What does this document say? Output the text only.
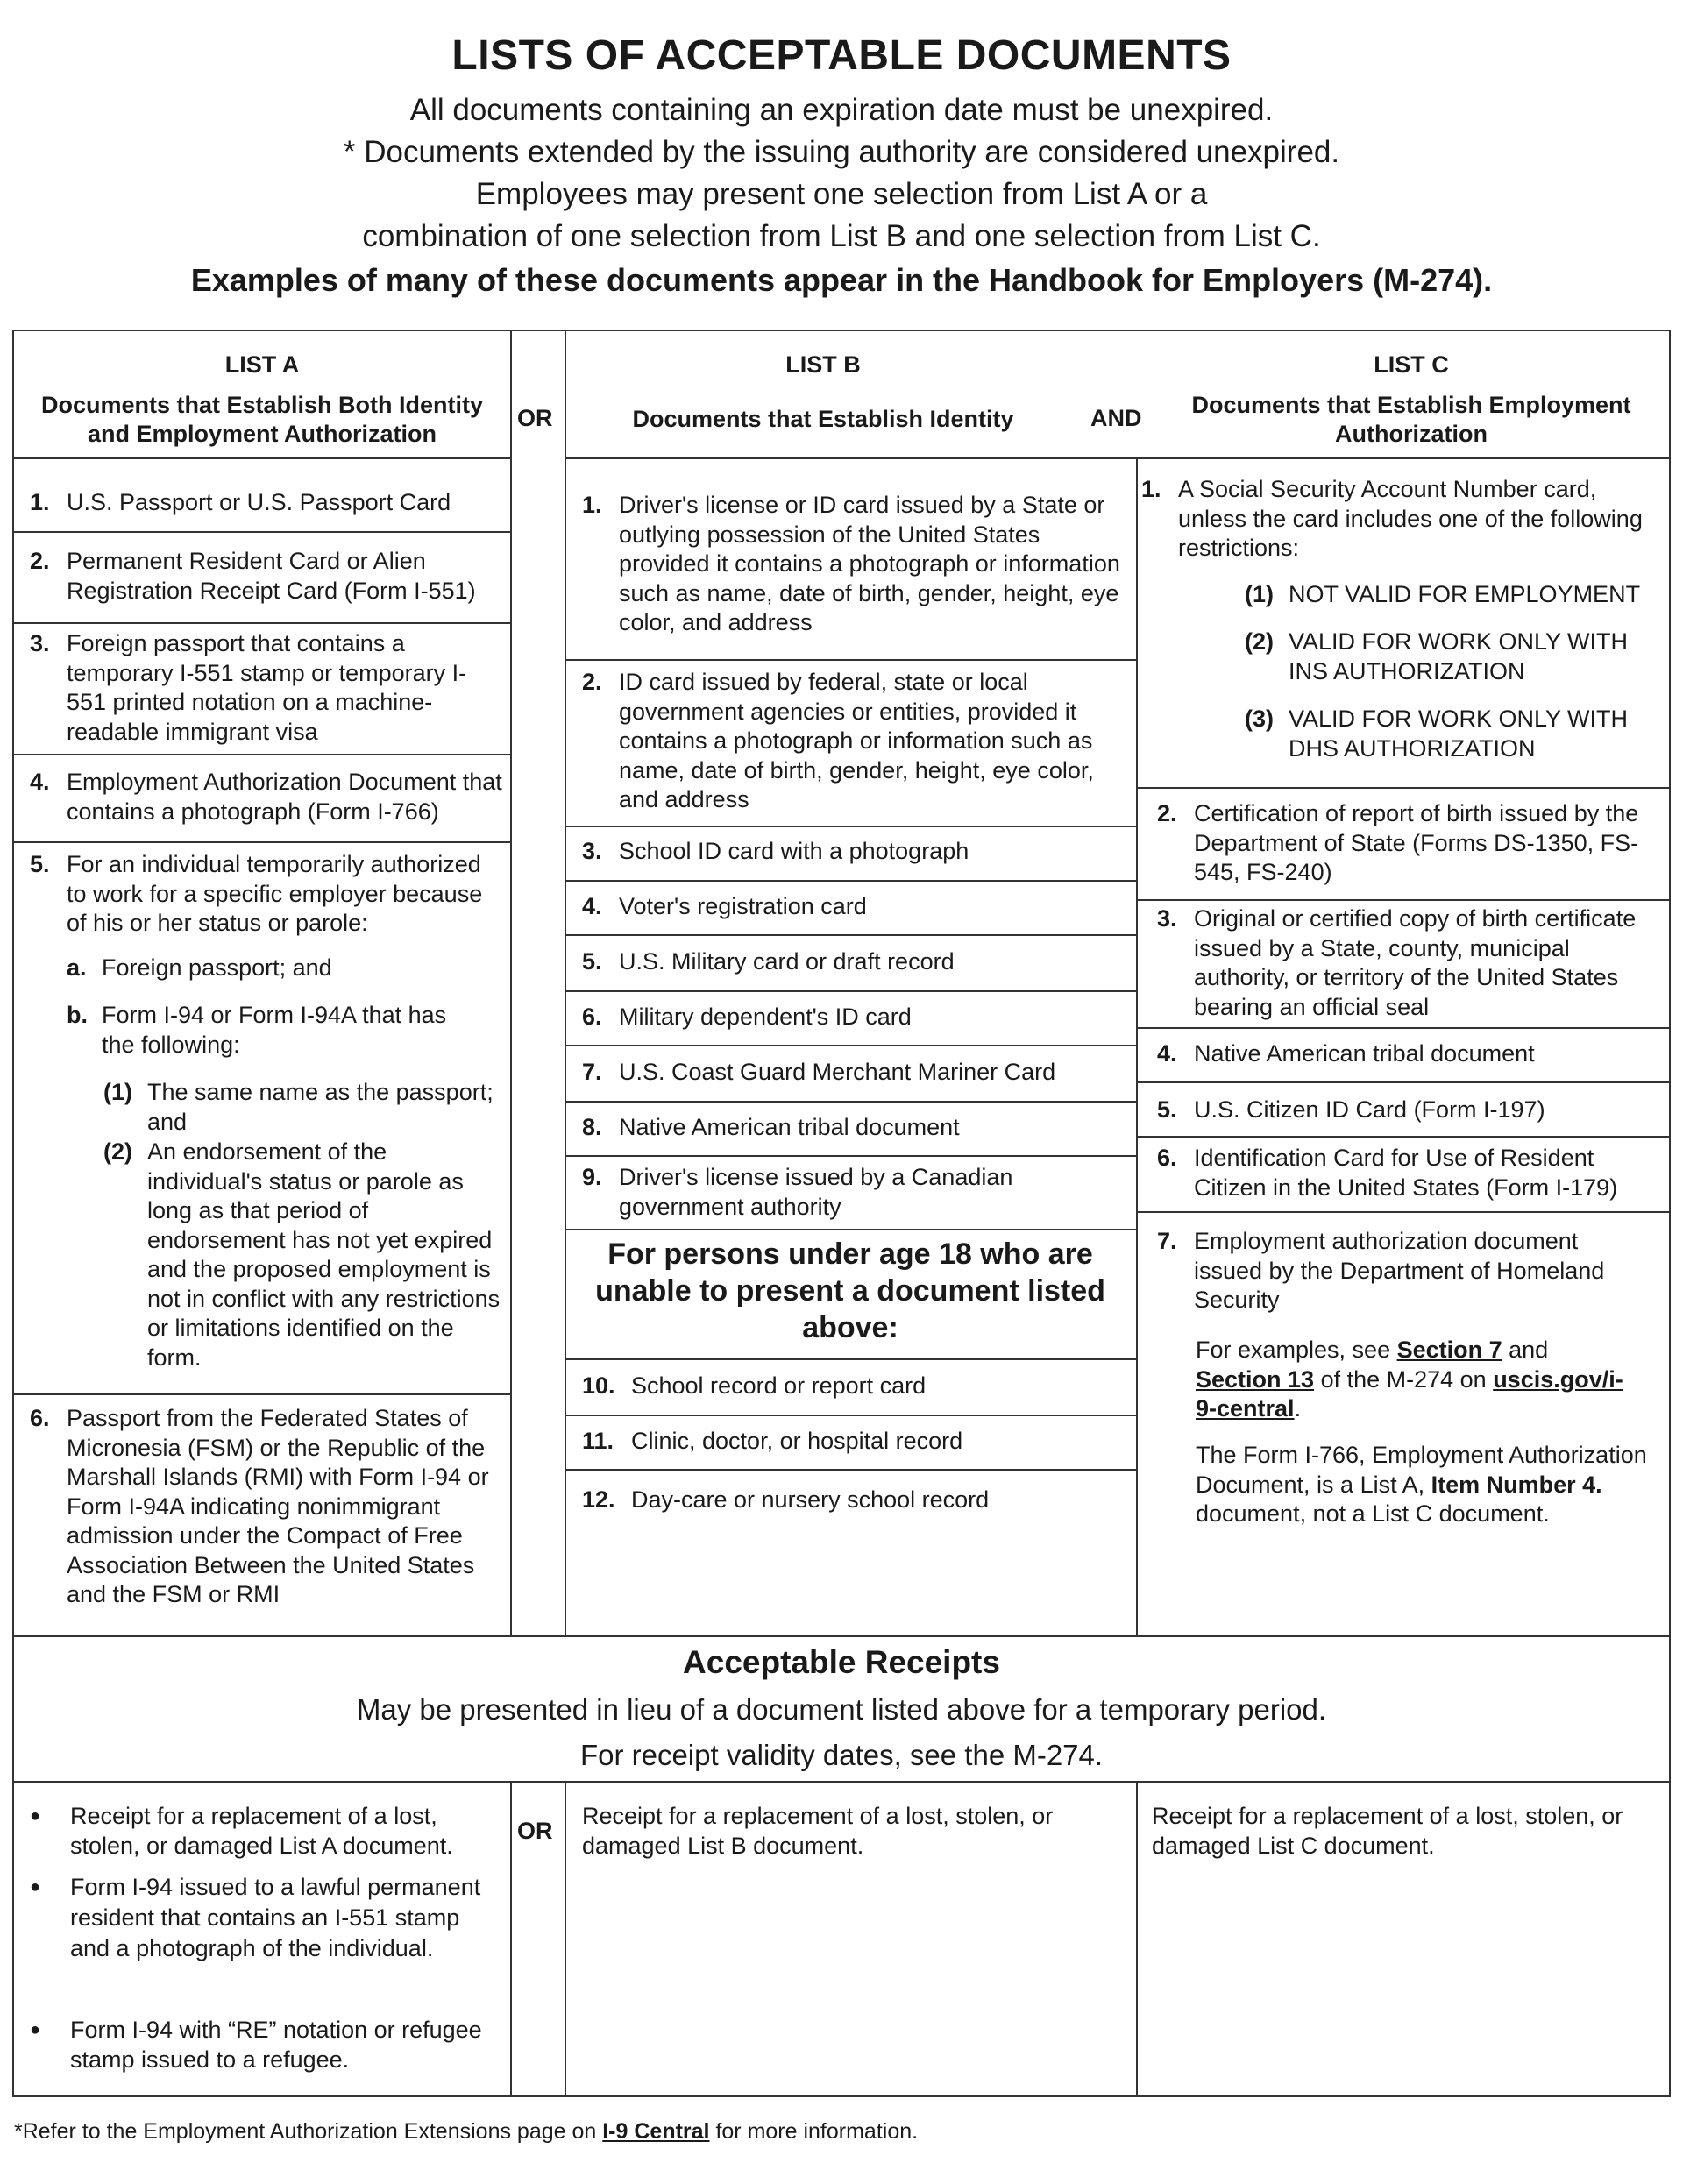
LISTS OF ACCEPTABLE DOCUMENTS
All documents containing an expiration date must be unexpired.
* Documents extended by the issuing authority are considered unexpired.
Employees may present one selection from List A or a
combination of one selection from List B and one selection from List C.
Examples of many of these documents appear in the Handbook for Employers (M-274).
LIST A
Documents that Establish Both Identity and Employment Authorization
OR
LIST B
Documents that Establish Identity	AND
LIST C
Documents that Establish Employment Authorization
1. U.S. Passport or U.S. Passport Card
2. Permanent Resident Card or Alien Registration Receipt Card (Form I-551)
3. Foreign passport that contains a temporary I-551 stamp or temporary I-551 printed notation on a machine-readable immigrant visa
4. Employment Authorization Document that contains a photograph (Form I-766)
5. For an individual temporarily authorized to work for a specific employer because of his or her status or parole:
a. Foreign passport; and
b. Form I-94 or Form I-94A that has the following:
(1) The same name as the passport; and
(2) An endorsement of the individual's status or parole as long as that period of endorsement has not yet expired and the proposed employment is not in conflict with any restrictions or limitations identified on the form.
6. Passport from the Federated States of Micronesia (FSM) or the Republic of the Marshall Islands (RMI) with Form I-94 or Form I-94A indicating nonimmigrant admission under the Compact of Free Association Between the United States and the FSM or RMI
1. Driver's license or ID card issued by a State or outlying possession of the United States provided it contains a photograph or information such as name, date of birth, gender, height, eye color, and address
2. ID card issued by federal, state or local government agencies or entities, provided it contains a photograph or information such as name, date of birth, gender, height, eye color, and address
3. School ID card with a photograph
4. Voter's registration card
5. U.S. Military card or draft record
6. Military dependent's ID card
7. U.S. Coast Guard Merchant Mariner Card
8. Native American tribal document
9. Driver's license issued by a Canadian government authority
For persons under age 18 who are unable to present a document listed above:
10. School record or report card
11. Clinic, doctor, or hospital record
12. Day-care or nursery school record
1. A Social Security Account Number card, unless the card includes one of the following restrictions:
(1) NOT VALID FOR EMPLOYMENT
(2) VALID FOR WORK ONLY WITH INS AUTHORIZATION
(3) VALID FOR WORK ONLY WITH DHS AUTHORIZATION
2. Certification of report of birth issued by the Department of State (Forms DS-1350, FS-545, FS-240)
3. Original or certified copy of birth certificate issued by a State, county, municipal authority, or territory of the United States bearing an official seal
4. Native American tribal document
5. U.S. Citizen ID Card (Form I-197)
6. Identification Card for Use of Resident Citizen in the United States (Form I-179)
7. Employment authorization document issued by the Department of Homeland Security
For examples, see Section 7 and Section 13 of the M-274 on uscis.gov/i-9-central.
The Form I-766, Employment Authorization Document, is a List A, Item Number 4. document, not a List C document.
Acceptable Receipts
May be presented in lieu of a document listed above for a temporary period.
For receipt validity dates, see the M-274.
● Receipt for a replacement of a lost, stolen, or damaged List A document.
● Form I-94 issued to a lawful permanent resident that contains an I-551 stamp and a photograph of the individual.
● Form I-94 with “RE” notation or refugee stamp issued to a refugee.
OR
Receipt for a replacement of a lost, stolen, or damaged List B document.
Receipt for a replacement of a lost, stolen, or damaged List C document.
*Refer to the Employment Authorization Extensions page on I-9 Central for more information.
